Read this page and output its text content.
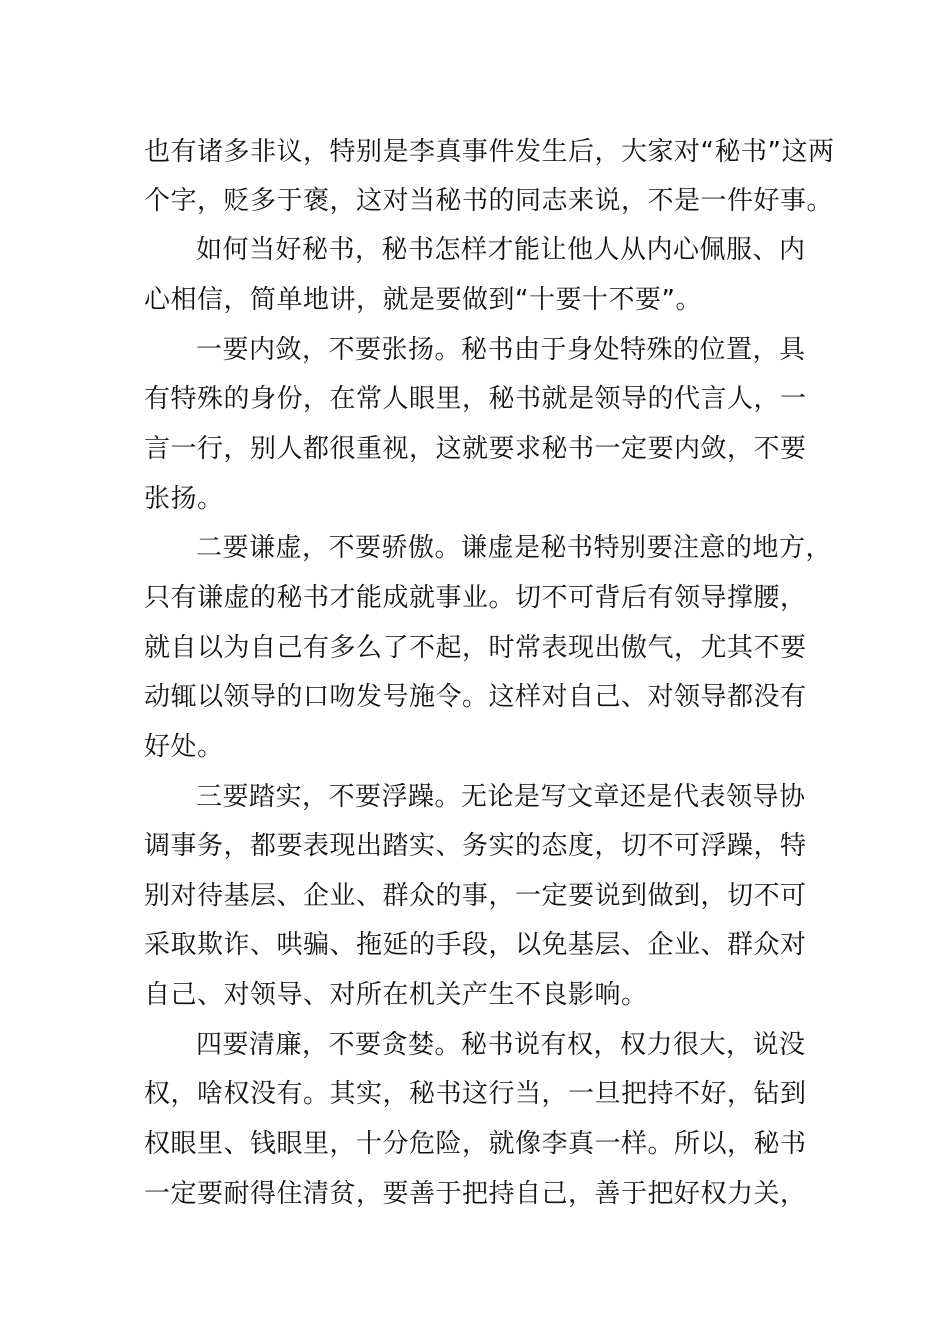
也有诸多非议，特别是李真事件发生后，大家对“秘书”这两
个字，贬多于褒，这对当秘书的同志来说，不是一件好事。
如何当好秘书，秘书怎样才能让他人从内心佩服、内
心相信，简单地讲，就是要做到“十要十不要”。
一要内敛，不要张扬。秘书由于身处特殊的位置，具
有特殊的身份，在常人眼里，秘书就是领导的代言人，一
言一行，别人都很重视，这就要求秘书一定要内敛，不要
张扬。
二要谦虚，不要骄傲。谦虚是秘书特别要注意的地方，
只有谦虚的秘书才能成就事业。切不可背后有领导撑腰，
就自以为自己有多么了不起，时常表现出傲气，尤其不要
动辄以领导的口吻发号施令。这样对自己、对领导都没有
好处。
三要踏实，不要浮躁。无论是写文章还是代表领导协
调事务，都要表现出踏实、务实的态度，切不可浮躁，特
别对待基层、企业、群众的事，一定要说到做到，切不可
采取欺诈、哄骗、拖延的手段，以免基层、企业、群众对
自己、对领导、对所在机关产生不良影响。
四要清廉，不要贪婪。秘书说有权，权力很大，说没
权，啥权没有。其实，秘书这行当，一旦把持不好，钻到
权眼里、钱眼里，十分危险，就像李真一样。所以，秘书
一定要耐得住清贫，要善于把持自己，善于把好权力关，
